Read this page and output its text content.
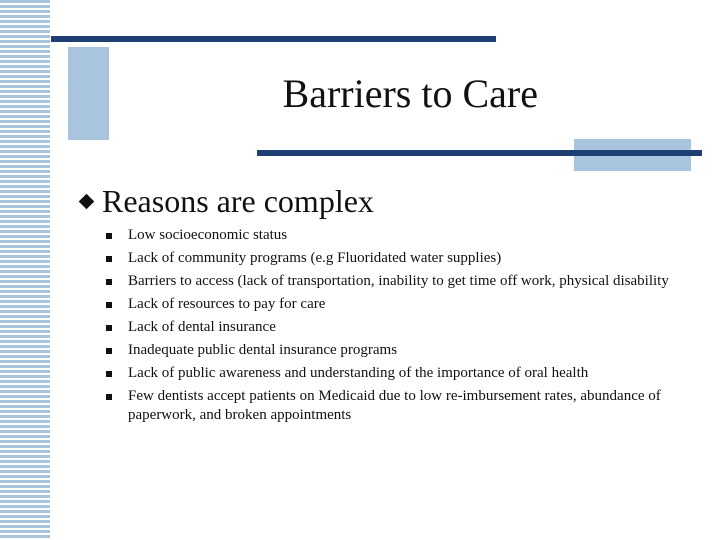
Barriers to Care
Reasons are complex
Low socioeconomic status
Lack of community programs (e.g Fluoridated water supplies)
Barriers to access (lack of transportation, inability to get time off work, physical disability
Lack of resources to pay for care
Lack of dental insurance
Inadequate public dental insurance programs
Lack of public awareness and understanding of the importance of oral health
Few dentists accept patients on Medicaid due to low re-imbursement rates, abundance of paperwork, and broken appointments
